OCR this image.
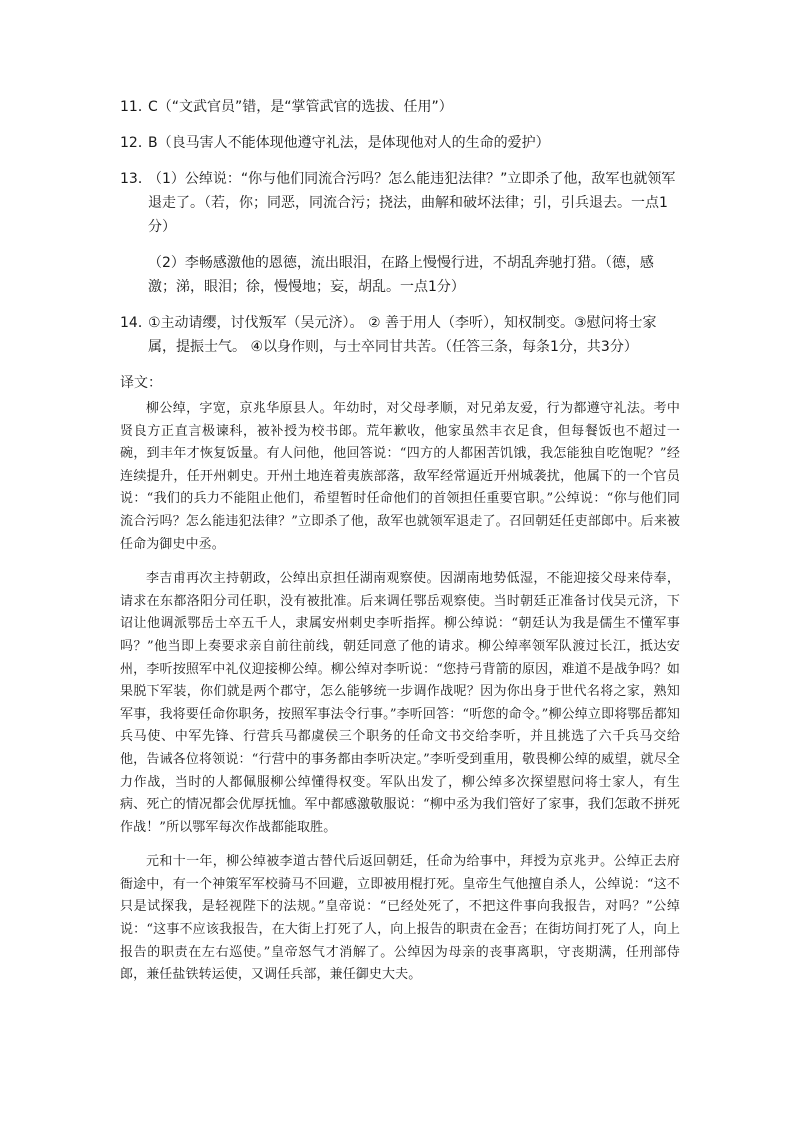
11．
C（“文武官员”错，是“掌管武官的选拔、任用”）
12．
B（良马害人不能体现他遵守礼法，是体现他对人的生命的爱护）
13．
（1）公绰说：“你与他们同流合污吗？怎么能违犯法律？”立即杀了他，敌军也就领军退走了。（若，你；同恶，同流合污；挠法，曲解和破坏法律；引，引兵退去。一点1分）
（2）李畅感激他的恩德，流出眼泪，在路上慢慢行进，不胡乱奔驰打猎。（德，感激；涕，眼泪；徐，慢慢地；妄，胡乱。一点1分）
14．
①主动请缨，讨伐叛军（吴元济）。 ② 善于用人（李听），知权制变。③慰问将士家属，提振士气。 ④以身作则，与士卒同甘共苦。（任答三条，每条1分，共3分）
译文：

柳公绰，字宽，京兆华原县人。年幼时，对父母孝顺，对兄弟友爱，行为都遵守礼法。考中贤良方正直言极谏科，被补授为校书郎。荒年歉收，他家虽然丰衣足食，但每餐饭也不超过一碗，到丰年才恢复饭量。有人问他，他回答说：“四方的人都困苦饥饿，我怎能独自吃饱呢？”经连续提升，任开州刺史。开州土地连着夷族部落，敌军经常逼近开州城袭扰，他属下的一个官员说：“我们的兵力不能阻止他们，希望暂时任命他们的首领担任重要官职。”公绰说：“你与他们同流合污吗？怎么能违犯法律？”立即杀了他，敌军也就领军退走了。召回朝廷任吏部郎中。后来被任命为御史中丞。

李吉甫再次主持朝政，公绰出京担任湖南观察使。因湖南地势低湿，不能迎接父母来侍奉，请求在东都洛阳分司任职，没有被批准。后来调任鄂岳观察使。当时朝廷正准备讨伐吴元济，下诏让他调派鄂岳士卒五千人，隶属安州刺史李听指挥。柳公绰说：“朝廷认为我是儒生不懂军事吗？”他当即上奏要求亲自前往前线，朝廷同意了他的请求。柳公绰率领军队渡过长江，抵达安州，李听按照军中礼仪迎接柳公绰。柳公绰对李听说：“您持弓背箭的原因，难道不是战争吗？如果脱下军装，你们就是两个郡守，怎么能够统一步调作战呢？因为你出身于世代名将之家，熟知军事，我将要任命你职务，按照军事法令行事。”李听回答：“听您的命令。”柳公绰立即将鄂岳都知兵马使、中军先锋、行营兵马都虞侯三个职务的任命文书交给李听，并且挑选了六千兵马交给他，告诫各位将领说：“行营中的事务都由李听决定。”李听受到重用，敬畏柳公绰的威望，就尽全力作战，当时的人都佩服柳公绰懂得权变。军队出发了，柳公绰多次探望慰问将士家人，有生病、死亡的情况都会优厚抚恤。军中都感激敬服说：“柳中丞为我们管好了家事，我们怎敢不拼死作战！”所以鄂军每次作战都能取胜。

元和十一年，柳公绰被李道古替代后返回朝廷，任命为给事中，拜授为京兆尹。公绰正去府衙途中，有一个神策军军校骑马不回避，立即被用棍打死。皇帝生气他擅自杀人，公绰说：“这不只是试探我，是轻视陛下的法规。”皇帝说：“已经处死了，不把这件事向我报告，对吗？”公绰说：“这事不应该我报告，在大街上打死了人，向上报告的职责在金吾；在街坊间打死了人，向上报告的职责在左右巡使。”皇帝怒气才消解了。公绰因为母亲的丧事离职，守丧期满，任刑部侍郎，兼任盐铁转运使，又调任兵部，兼任御史大夫。
